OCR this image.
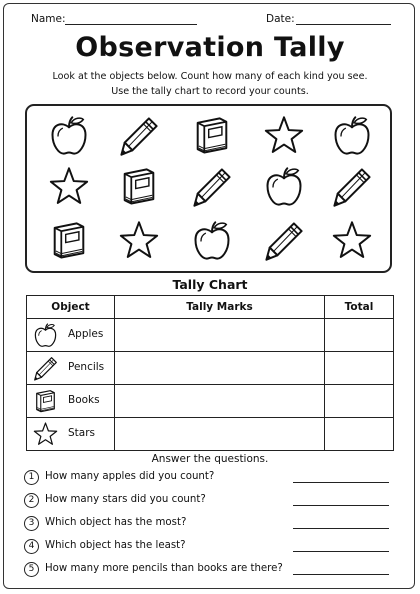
Name:	Date:
Observation Tally
Look at the objects below. Count how many of each kind you see.
Use the tally chart to record your counts.
Tally Chart
Object	Tally Marks	Total

Apples		

Pencils		

Books		

Stars		

Answer the questions.
1	How many apples did you count?
2	How many stars did you count?
3	Which object has the most?
4	Which object has the least?
5	How many more pencils than books are there?
